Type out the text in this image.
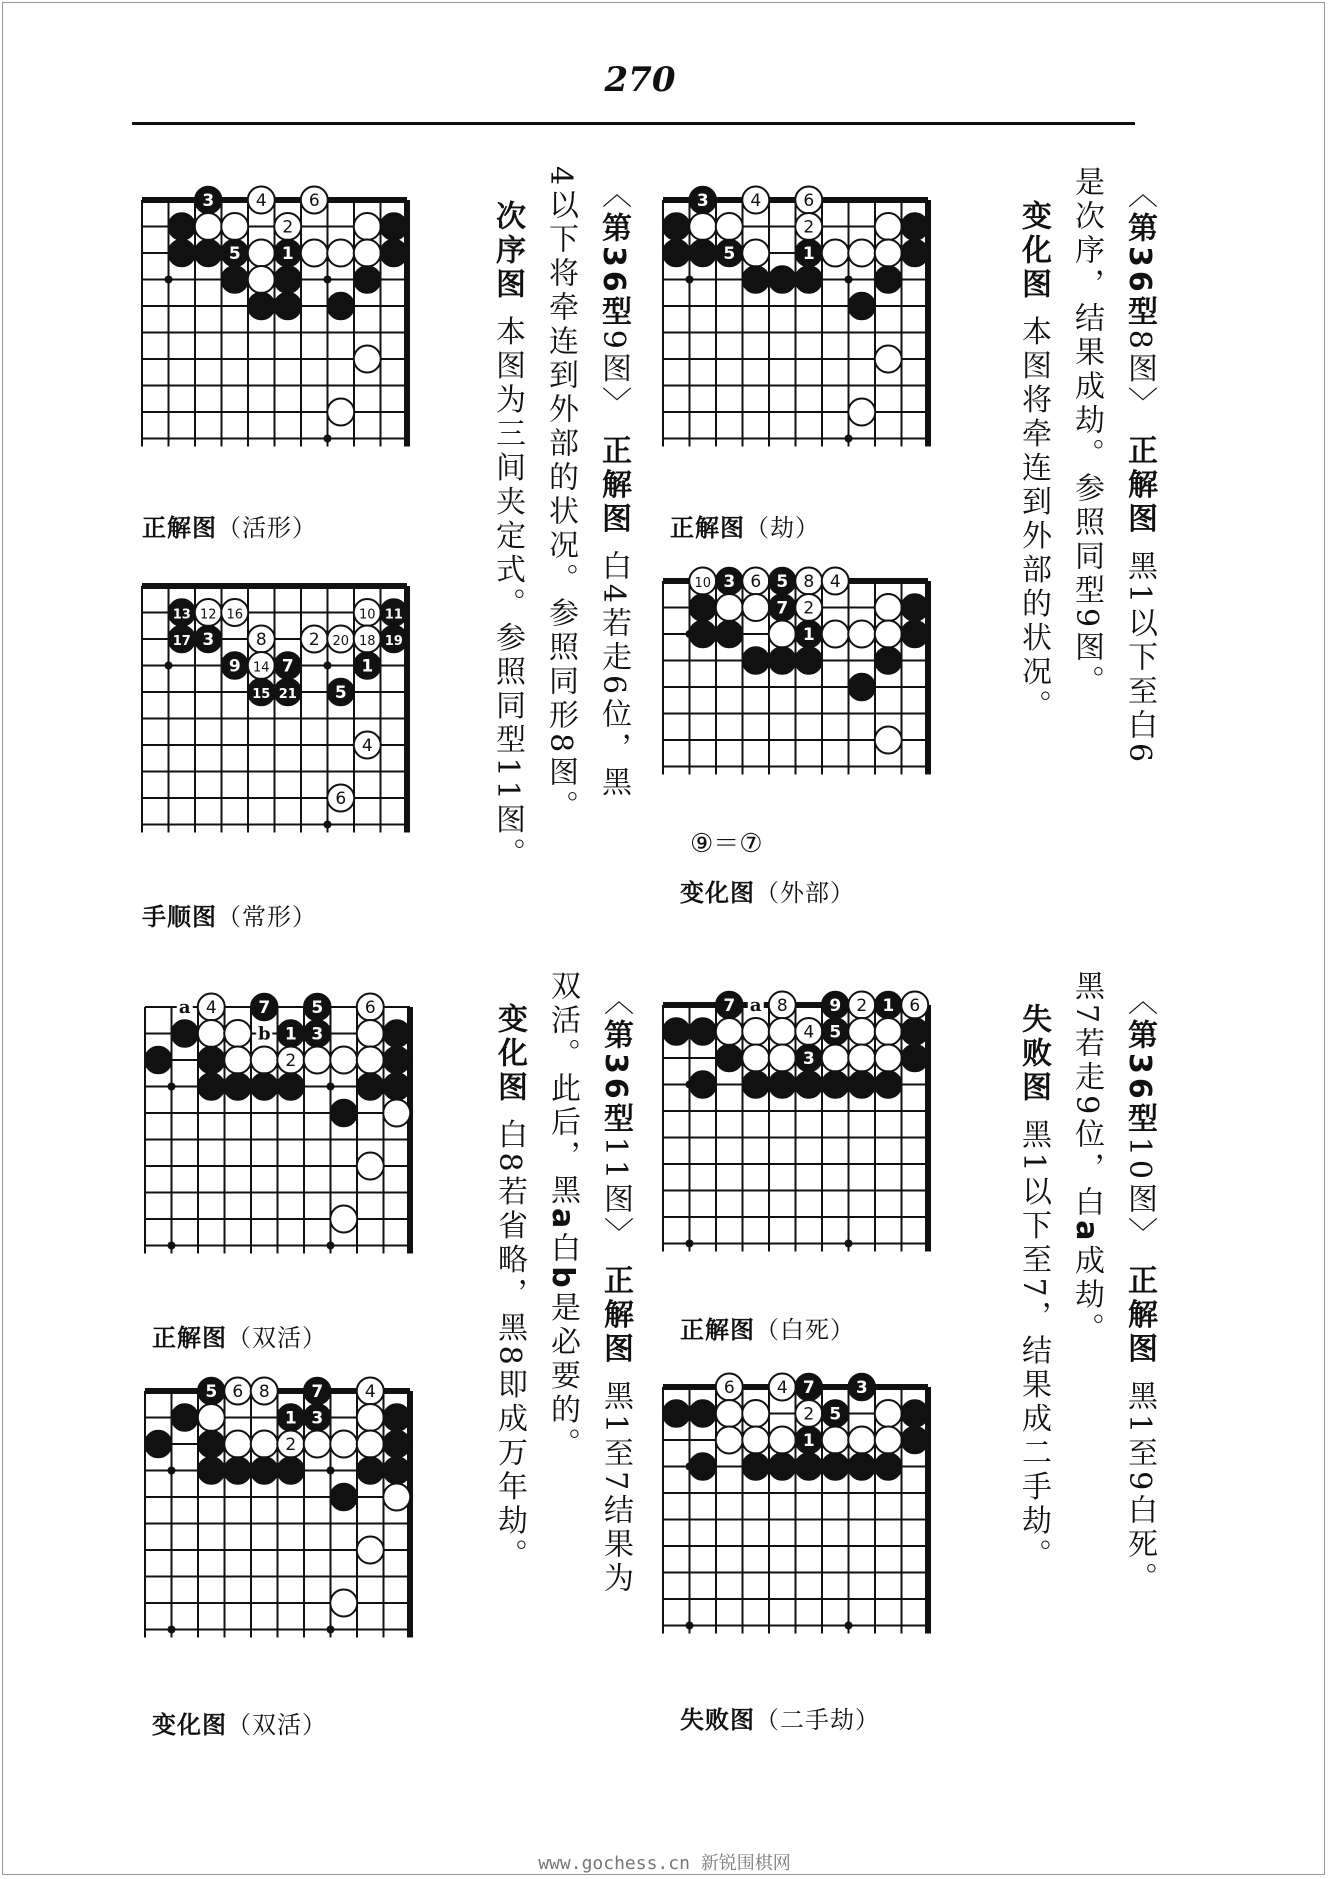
270
3 4 6
2
5	1
3 4 6
2
5 1
10 3 6 5 8 4
7 2
1
13 12 16	10 11
17 3 8 2 20 18 19
9 14 7	1
15 21 5
4
6
7 8 9 2 1 6
4 5
3
a
4 7 5 6
1 3
2
a
b
6 4 7 3
2 5
1
5 6 8 7 4
1 3
2
正解图（劫）
正解图（活形）
变化图（外部）
手顺图（常形）
正解图（白死）
正解图（双活）
失败图（二手劫）
变化图（双活）
⑨＝⑦
〈第36型8图〉 正解图 黑1以下至白6
是次序，结果成劫。参照同型9图。
变化图 本图将牵连到外部的状况。
〈第36型9图〉 正解图 白4若走6位，黑
4以下将牵连到外部的状况。参照同形8图。
次序图 本图为三间夹定式。参照同型11图。
〈第36型10图〉 正解图 黑1至9白死。
黑7若走9位，白a成劫。
失败图 黑1以下至7，结果成二手劫。
〈第36型11图〉 正解图 黑1至7结果为
双活。此后，黑a白b是必要的。
变化图 白8若省略，黑8即成万年劫。
www.gochess.cn 新锐围棋网
